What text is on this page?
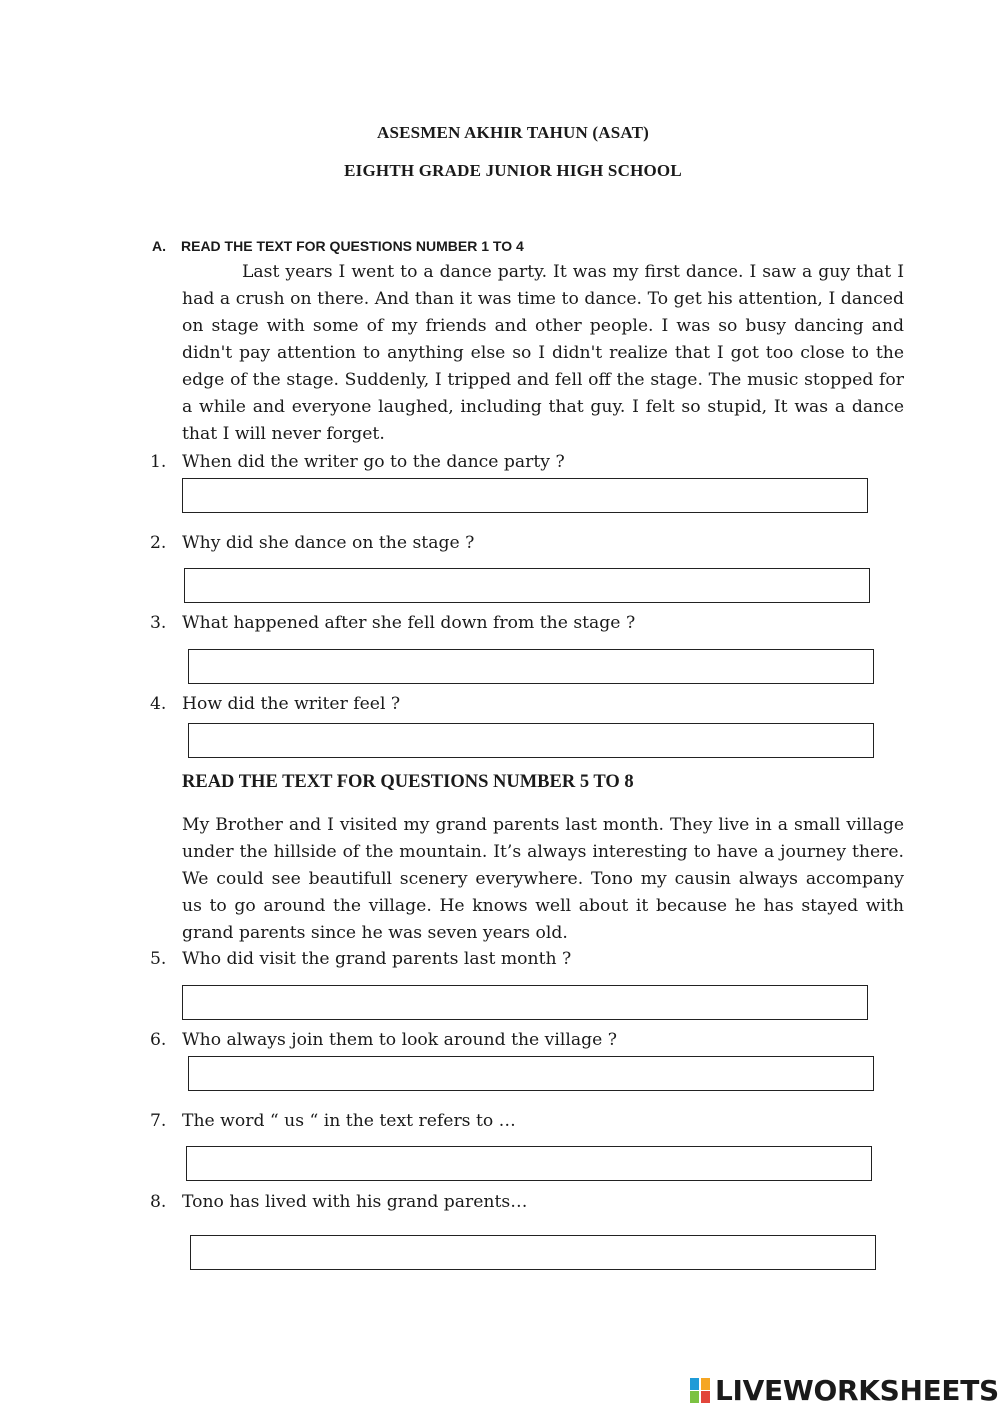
ASESMEN AKHIR TAHUN (ASAT)
EIGHTH GRADE JUNIOR HIGH SCHOOL
A. READ THE TEXT FOR QUESTIONS NUMBER 1 TO 4

Last years I went to a dance party. It was my first dance. I saw a guy that I had a crush on there. And than it was time to dance. To get his attention, I danced on stage with some of my friends and other people. I was so busy dancing and didn't pay attention to anything else so I didn't realize that I got too close to the edge of the stage. Suddenly, I tripped and fell off the stage. The music stopped for a while and everyone laughed, including that guy. I felt so stupid, It was a dance that I will never forget.

1. When did the writer go to the dance party ?
2. Why did she dance on the stage ?
3. What happened after she fell down from the stage ?
4. How did the writer feel ?
READ THE TEXT FOR QUESTIONS NUMBER 5 TO 8

My Brother and I visited my grand parents last month. They live in a small village under the hillside of the mountain. It’s always interesting to have a journey there. We could see beautifull scenery everywhere. Tono my causin always accompany us to go around the village. He knows well about it because he has stayed with grand parents since he was seven years old.

5. Who did visit the grand parents last month ?
6. Who always join them to look around the village ?
7. The word “ us “ in the text refers to …
8. Tono has lived with his grand parents…
LIVEWORKSHEETS
